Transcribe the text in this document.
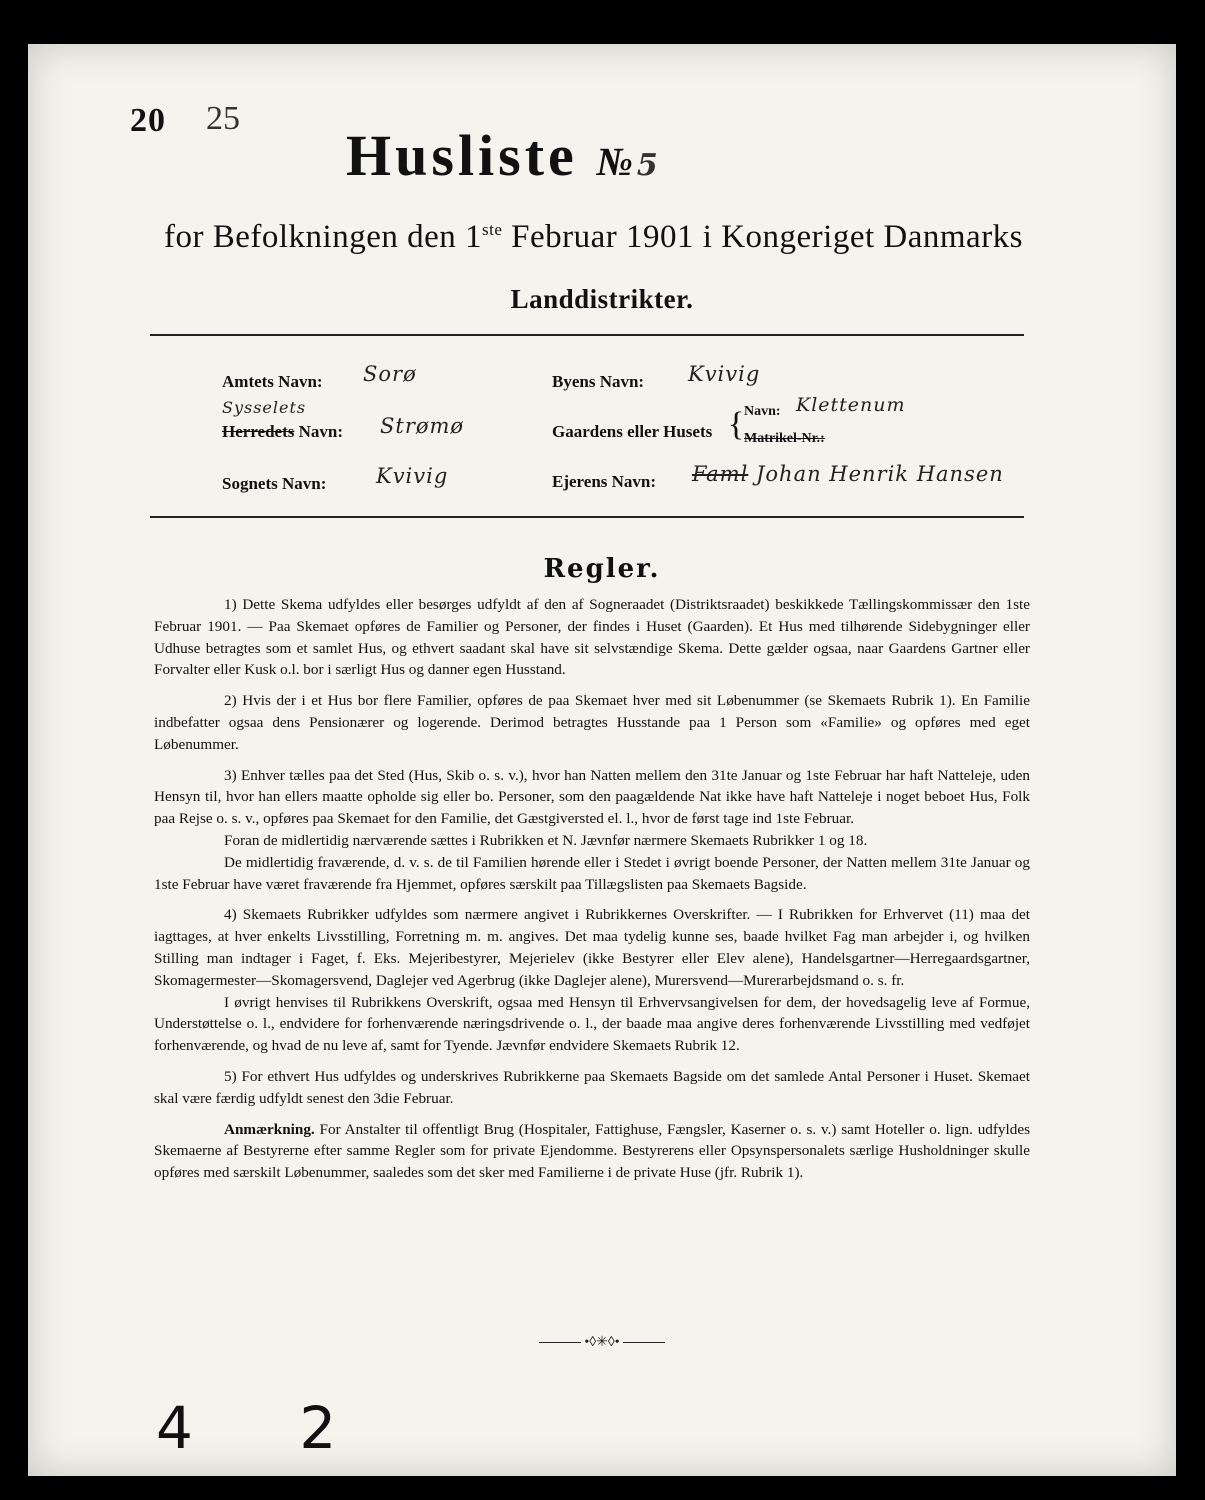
20 25
Husliste № 5
for Befolkningen den 1ste Februar 1901 i Kongeriget Danmarks
Landdistrikter.
Amtets Navn: Sorø
Sysselets
Herredets Navn: Strømø
Sognets Navn: Kvivig
Byens Navn: Kvivig
Gaardens eller Husets { Navn: Klettenum
Matrikel-Nr.:
Ejerens Navn: Faml Johan Henrik Hansen
Regler.

1) Dette Skema udfyldes eller besørges udfyldt af den af Sogneraadet (Distriktsraadet) beskikkede Tællingskommissær den 1ste Februar 1901. — Paa Skemaet opføres de Familier og Personer, der findes i Huset (Gaarden). Et Hus med tilhørende Sidebygninger eller Udhuse betragtes som et samlet Hus, og ethvert saadant skal have sit selvstændige Skema. Dette gælder ogsaa, naar Gaardens Gartner eller Forvalter eller Kusk o.l. bor i særligt Hus og danner egen Husstand.

2) Hvis der i et Hus bor flere Familier, opføres de paa Skemaet hver med sit Løbenummer (se Skemaets Rubrik 1). En Familie indbefatter ogsaa dens Pensionærer og logerende. Derimod betragtes Husstande paa 1 Person som «Familie» og opføres med eget Løbenummer.

3) Enhver tælles paa det Sted (Hus, Skib o. s. v.), hvor han Natten mellem den 31te Januar og 1ste Februar har haft Natteleje, uden Hensyn til, hvor han ellers maatte opholde sig eller bo. Personer, som den paagældende Nat ikke have haft Natteleje i noget beboet Hus, Folk paa Rejse o. s. v., opføres paa Skemaet for den Familie, det Gæstgiversted el. l., hvor de først tage ind 1ste Februar.

Foran de midlertidig nærværende sættes i Rubrikken et N. Jævnfør nærmere Skemaets Rubrikker 1 og 18.

De midlertidig fraværende, d. v. s. de til Familien hørende eller i Stedet i øvrigt boende Personer, der Natten mellem 31te Januar og 1ste Februar have været fraværende fra Hjemmet, opføres særskilt paa Tillægslisten paa Skemaets Bagside.

4) Skemaets Rubrikker udfyldes som nærmere angivet i Rubrikkernes Overskrifter. — I Rubrikken for Erhvervet (11) maa det iagttages, at hver enkelts Livsstilling, Forretning m. m. angives. Det maa tydelig kunne ses, baade hvilket Fag man arbejder i, og hvilken Stilling man indtager i Faget, f. Eks. Mejeribestyrer, Mejerielev (ikke Bestyrer eller Elev alene), Handelsgartner—Herregaardsgartner, Skomagermester—Skomagersvend, Daglejer ved Agerbrug (ikke Daglejer alene), Murersvend—Murerarbejdsmand o. s. fr.

I øvrigt henvises til Rubrikkens Overskrift, ogsaa med Hensyn til Erhvervsangivelsen for dem, der hovedsagelig leve af Formue, Understøttelse o. l., endvidere for forhenværende næringsdrivende o. l., der baade maa angive deres forhenværende Livsstilling med vedføjet forhenværende, og hvad de nu leve af, samt for Tyende. Jævnfør endvidere Skemaets Rubrik 12.

5) For ethvert Hus udfyldes og underskrives Rubrikkerne paa Skemaets Bagside om det samlede Antal Personer i Huset. Skemaet skal være færdig udfyldt senest den 3die Februar.

Anmærkning. For Anstalter til offentligt Brug (Hospitaler, Fattighuse, Fængsler, Kaserner o. s. v.) samt Hoteller o. lign. udfyldes Skemaerne af Bestyrerne efter samme Regler som for private Ejendomme. Bestyrerens eller Opsynspersonalets særlige Husholdninger skulle opføres med særskilt Løbenummer, saaledes som det sker med Familierne i de private Huse (jfr. Rubrik 1).

•◊✳◊•
4 2
